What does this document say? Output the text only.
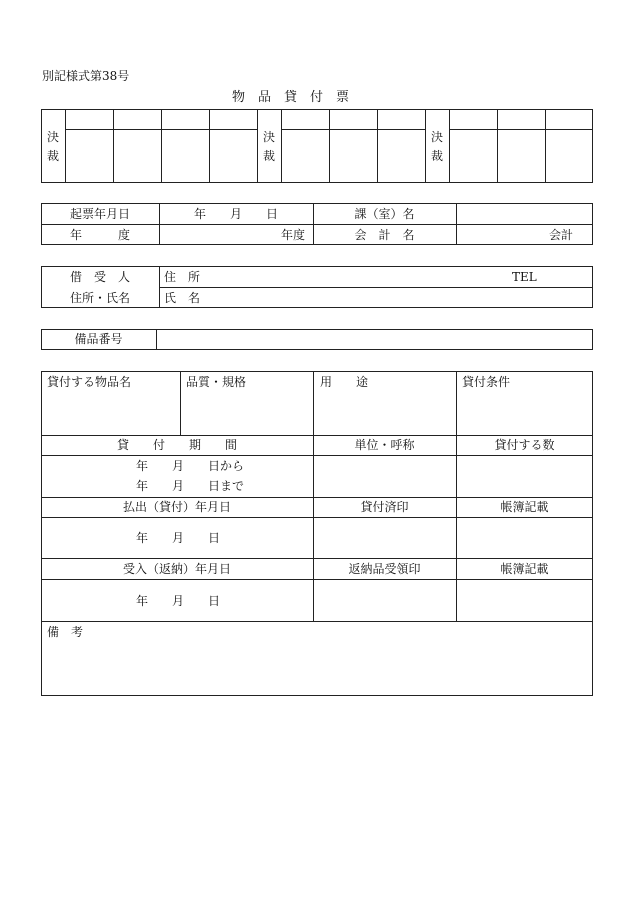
別記様式第38号
物　品　貸　付　票
決
裁
決
裁
決
裁
起票年月日	年　　月　　日	課（室）名
年　　　度	年度	会　計　名	会計
借　受　人
住所・氏名
住　所	TEL
氏　名
備品番号
貸付する物品名	品質・規格	用　　途	貸付条件
貸　　付　　期　　間	単位・呼称	貸付する数
年　　月　　日から
年　　月　　日まで
払出（貸付）年月日	貸付済印	帳簿記載
年　　月　　日
受入（返納）年月日	返納品受領印	帳簿記載
年　　月　　日
備　考
